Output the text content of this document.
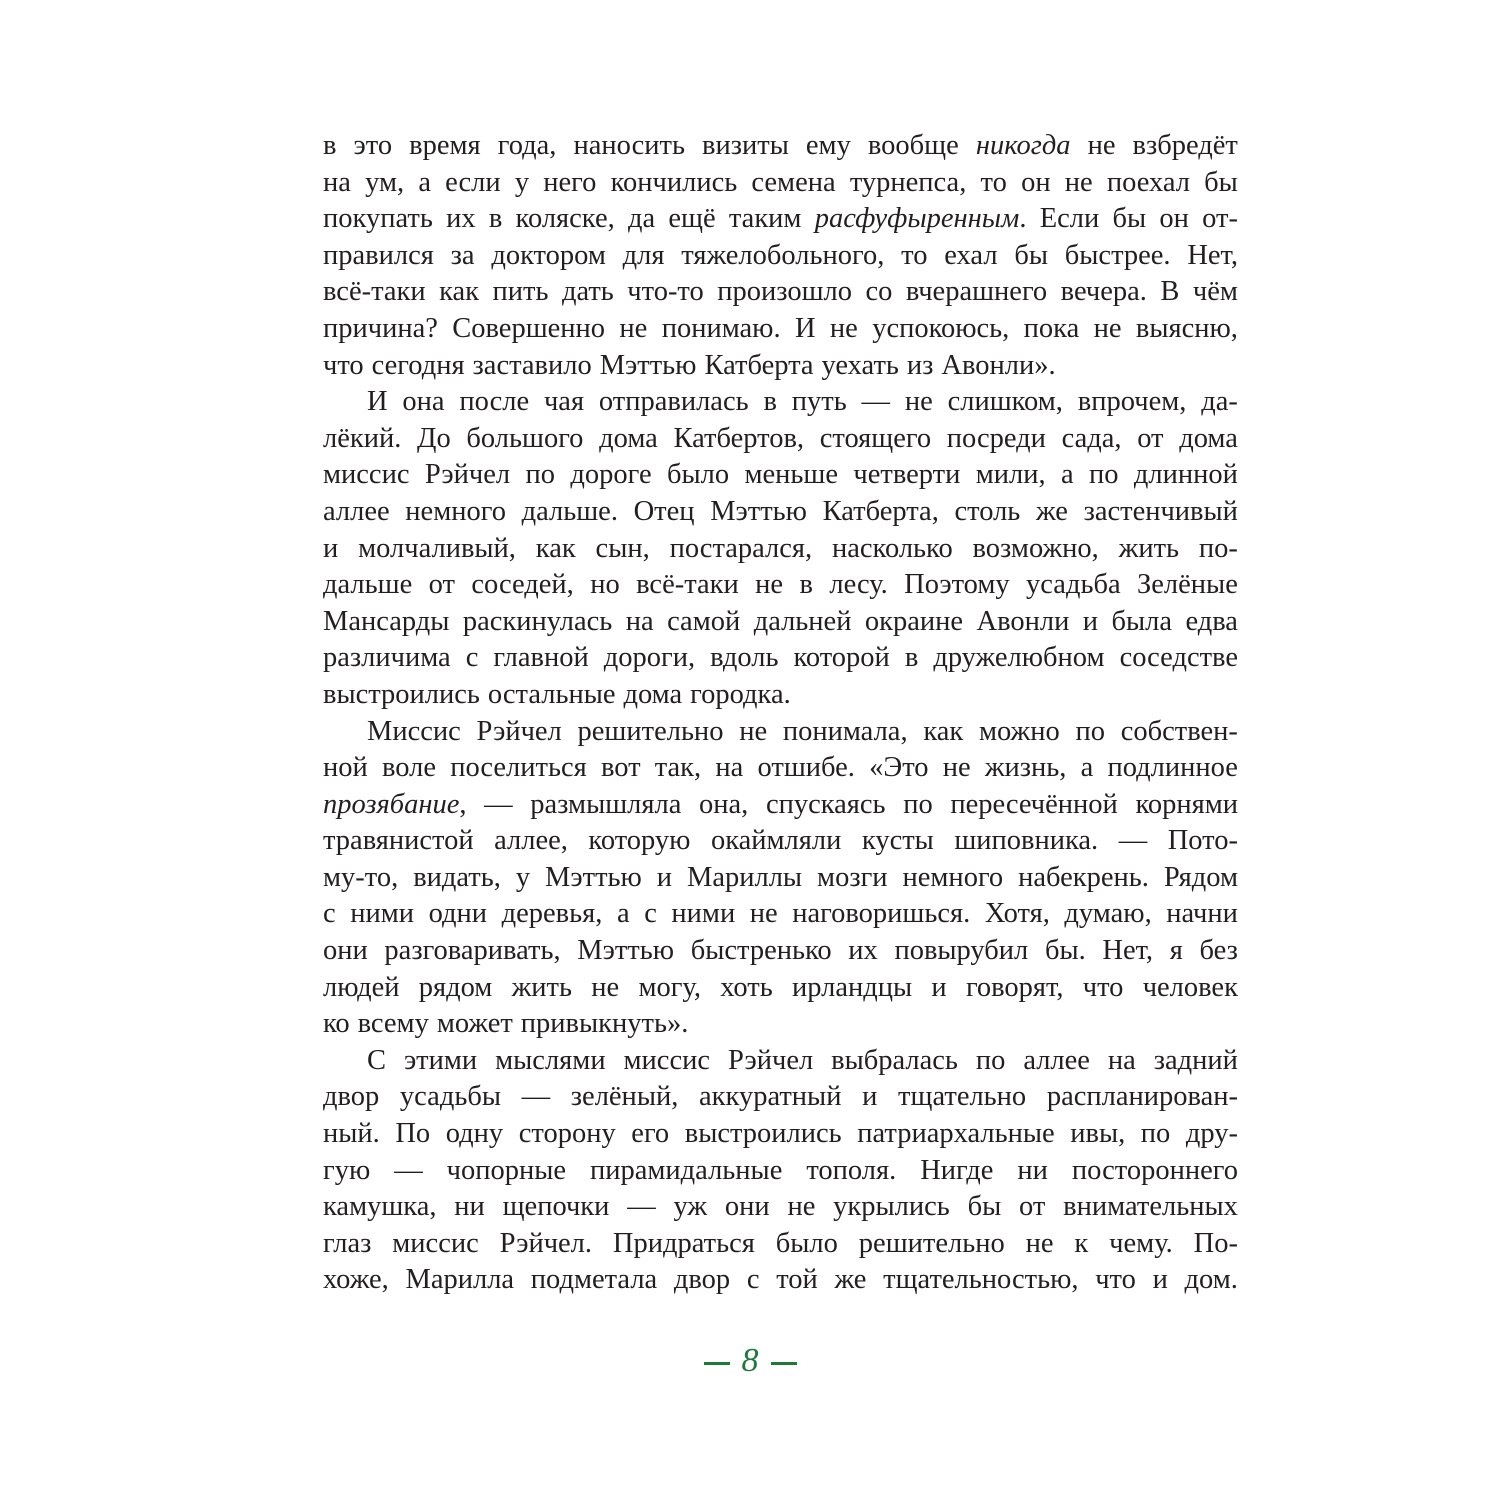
в это время года, наносить визиты ему вообще никогда не взбредёт
на ум, а если у него кончились семена турнепса, то он не поехал бы
покупать их в коляске, да ещё таким расфуфыренным. Если бы он от-
правился за доктором для тяжелобольного, то ехал бы быстрее. Нет,
всё-таки как пить дать что-то произошло со вчерашнего вечера. В чём
причина? Совершенно не понимаю. И не успокоюсь, пока не выясню,
что сегодня заставило Мэттью Катберта уехать из Авонли».
И она после чая отправилась в путь — не слишком, впрочем, да-
лёкий. До большого дома Катбертов, стоящего посреди сада, от дома
миссис Рэйчел по дороге было меньше четверти мили, а по длинной
аллее немного дальше. Отец Мэттью Катберта, столь же застенчивый
и молчаливый, как сын, постарался, насколько возможно, жить по-
дальше от соседей, но всё-таки не в лесу. Поэтому усадьба Зелёные
Мансарды раскинулась на самой дальней окраине Авонли и была едва
различима с главной дороги, вдоль которой в дружелюбном соседстве
выстроились остальные дома городка.
Миссис Рэйчел решительно не понимала, как можно по собствен-
ной воле поселиться вот так, на отшибе. «Это не жизнь, а подлинное
прозябание, — размышляла она, спускаясь по пересечённой корнями
травянистой аллее, которую окаймляли кусты шиповника. — Пото-
му-то, видать, у Мэттью и Мариллы мозги немного набекрень. Рядом
с ними одни деревья, а с ними не наговоришься. Хотя, думаю, начни
они разговаривать, Мэттью быстренько их повырубил бы. Нет, я без
людей рядом жить не могу, хоть ирландцы и говорят, что человек
ко всему может привыкнуть».
С этими мыслями миссис Рэйчел выбралась по аллее на задний
двор усадьбы — зелёный, аккуратный и тщательно распланирован-
ный. По одну сторону его выстроились патриархальные ивы, по дру-
гую — чопорные пирамидальные тополя. Нигде ни постороннего
камушка, ни щепочки — уж они не укрылись бы от внимательных
глаз миссис Рэйчел. Придраться было решительно не к чему. По-
хоже, Марилла подметала двор с той же тщательностью, что и дом.
8
